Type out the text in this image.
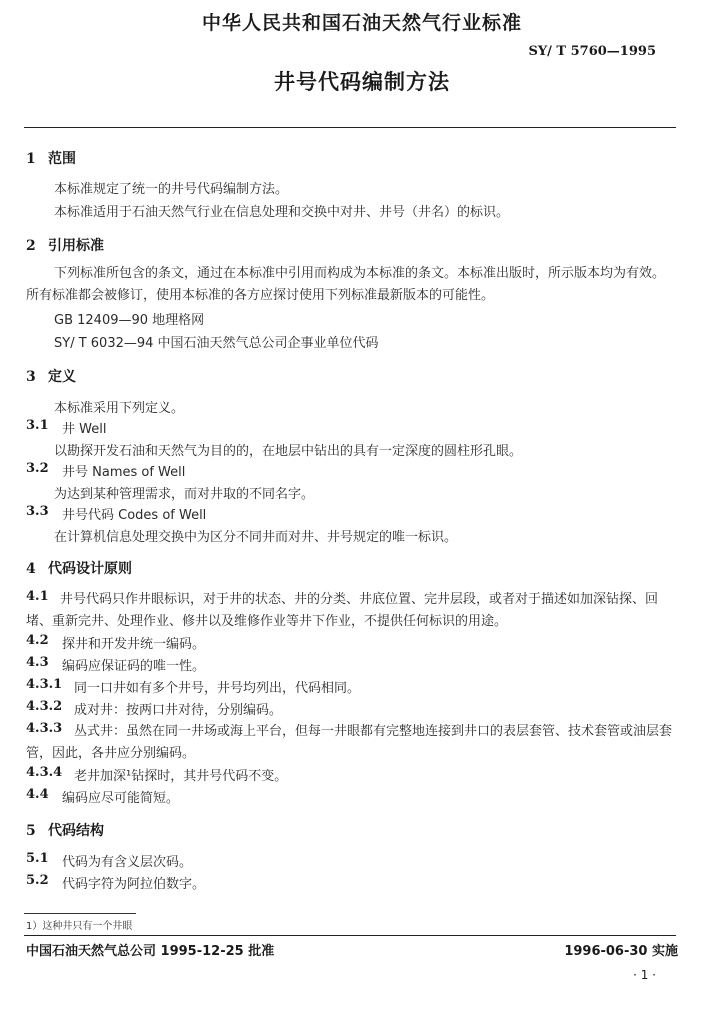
中华人民共和国石油天然气行业标准
SY/ T 5760—1995
井号代码编制方法
1 范围
本标准规定了统一的井号代码编制方法。
本标准适用于石油天然气行业在信息处理和交换中对井、井号（井名）的标识。
2 引用标准
下列标准所包含的条文，通过在本标准中引用而构成为本标准的条文。本标准出版时，所示版本均为有效。所有标准都会被修订，使用本标准的各方应探讨使用下列标准最新版本的可能性。
GB 12409—90 地理格网
SY/ T 6032—94 中国石油天然气总公司企事业单位代码
3 定义
本标准采用下列定义。
3.1 井 Well
以勘探开发石油和天然气为目的的，在地层中钻出的具有一定深度的圆柱形孔眼。
3.2 井号 Names of Well
为达到某种管理需求，而对井取的不同名字。
3.3 井号代码 Codes of Well
在计算机信息处理交换中为区分不同井而对井、井号规定的唯一标识。
4 代码设计原则
4.1 井号代码只作井眼标识，对于井的状态、井的分类、井底位置、完井层段，或者对于描述如加深钻探、回堵、重新完井、处理作业、修井以及维修作业等井下作业，不提供任何标识的用途。
4.2 探井和开发井统一编码。
4.3 编码应保证码的唯一性。
4.3.1 同一口井如有多个井号，井号均列出，代码相同。
4.3.2 成对井：按两口井对待，分别编码。
4.3.3 丛式井：虽然在同一井场或海上平台，但每一井眼都有完整地连接到井口的表层套管、技术套管或油层套管，因此，各井应分别编码。
4.3.4 老井加深¹钻探时，其井号代码不变。
4.4 编码应尽可能简短。
5 代码结构
5.1 代码为有含义层次码。
5.2 代码字符为阿拉伯数字。
1）这种井只有一个井眼
中国石油天然气总公司 1995-12-25 批准	1996-06-30 实施
· 1 ·
